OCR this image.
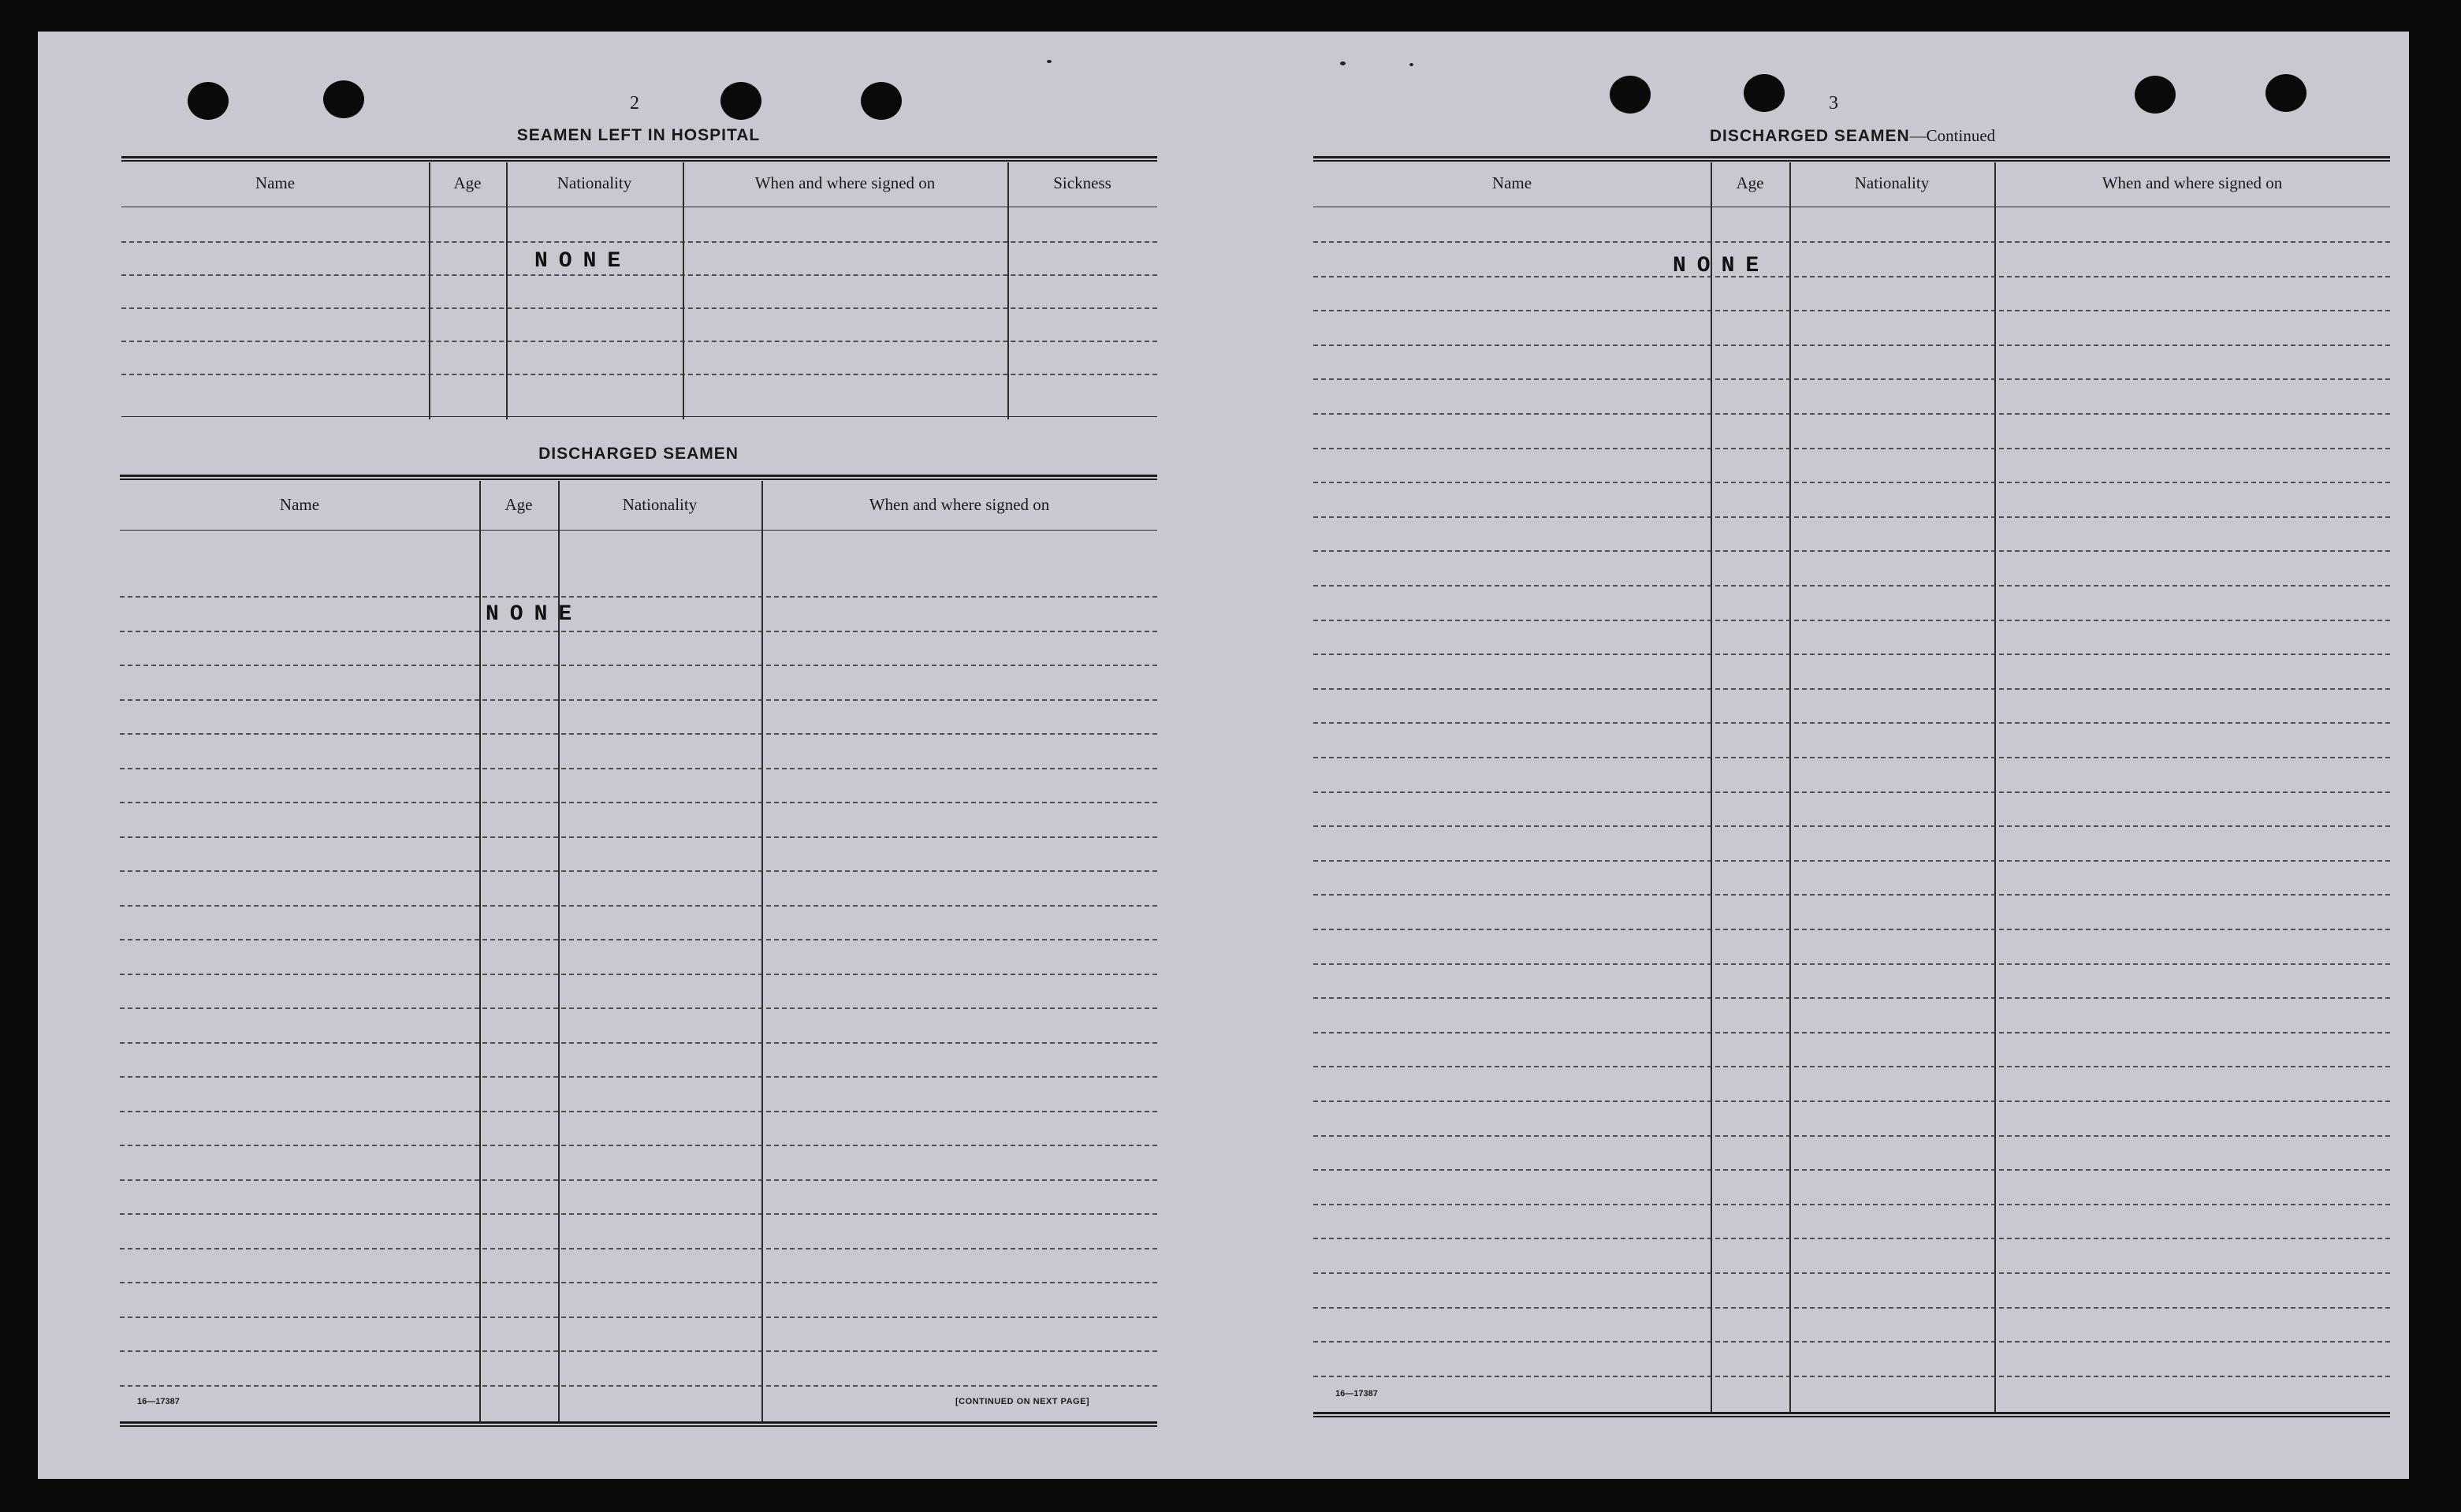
2
SEAMEN LEFT IN HOSPITAL
Name	Age	Nationality	When and where signed on	Sickness
NONE
DISCHARGED SEAMEN
Name	Age	Nationality	When and where signed on
NONE
16—17387	[CONTINUED ON NEXT PAGE]
3
DISCHARGED SEAMEN—Continued
Name	Age	Nationality	When and where signed on
NONE
16—17387
